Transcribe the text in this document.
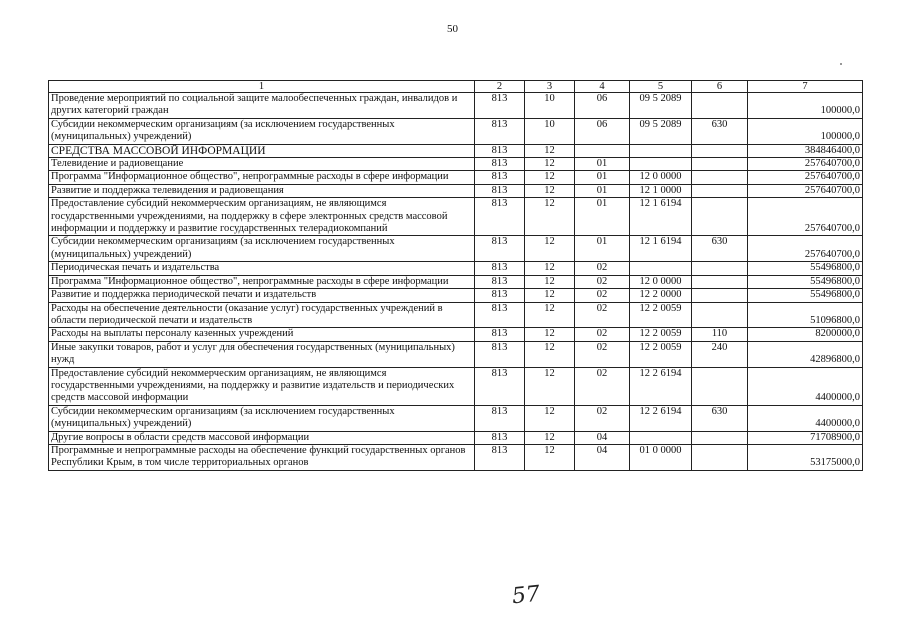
50
1	2	3	4	5	6	7
Проведение мероприятий по социальной защите малообеспеченных граждан, инвалидов и других категорий граждан	813	10	06	09 5 2089		100000,0
Субсидии некоммерческим организациям (за исключением государственных (муниципальных) учреждений)	813	10	06	09 5 2089	630	100000,0
СРЕДСТВА МАССОВОЙ ИНФОРМАЦИИ	813	12				384846400,0
Телевидение и радиовещание	813	12	01			257640700,0
Программа "Информационное общество", непрограммные расходы в сфере информации	813	12	01	12 0 0000		257640700,0
Развитие и поддержка телевидения и радиовещания	813	12	01	12 1 0000		257640700,0
Предоставление субсидий некоммерческим организациям, не являющимся государственными учреждениями, на поддержку в сфере электронных средств массовой информации и поддержку и развитие государственных телерадиокомпаний	813	12	01	12 1 6194		257640700,0
Субсидии некоммерческим организациям (за исключением государственных (муниципальных) учреждений)	813	12	01	12 1 6194	630	257640700,0
Периодическая печать и издательства	813	12	02			55496800,0
Программа "Информационное общество", непрограммные расходы в сфере информации	813	12	02	12 0 0000		55496800,0
Развитие и поддержка периодической печати и издательств	813	12	02	12 2 0000		55496800,0
Расходы на обеспечение деятельности (оказание услуг) государственных учреждений в области периодической печати и издательств	813	12	02	12 2 0059		51096800,0
Расходы на выплаты персоналу казенных учреждений	813	12	02	12 2 0059	110	8200000,0
Иные закупки товаров, работ и услуг для обеспечения государственных (муниципальных) нужд	813	12	02	12 2 0059	240	42896800,0
Предоставление субсидий некоммерческим организациям, не являющимся государственными учреждениями, на поддержку и развитие издательств и периодических средств массовой информации	813	12	02	12 2 6194		4400000,0
Субсидии некоммерческим организациям (за исключением государственных (муниципальных) учреждений)	813	12	02	12 2 6194	630	4400000,0
Другие вопросы в области средств массовой информации	813	12	04			71708900,0
Программные и непрограммные расходы на обеспечение функций государственных органов Республики Крым, в том числе территориальных органов	813	12	04	01 0 0000		53175000,0
57
